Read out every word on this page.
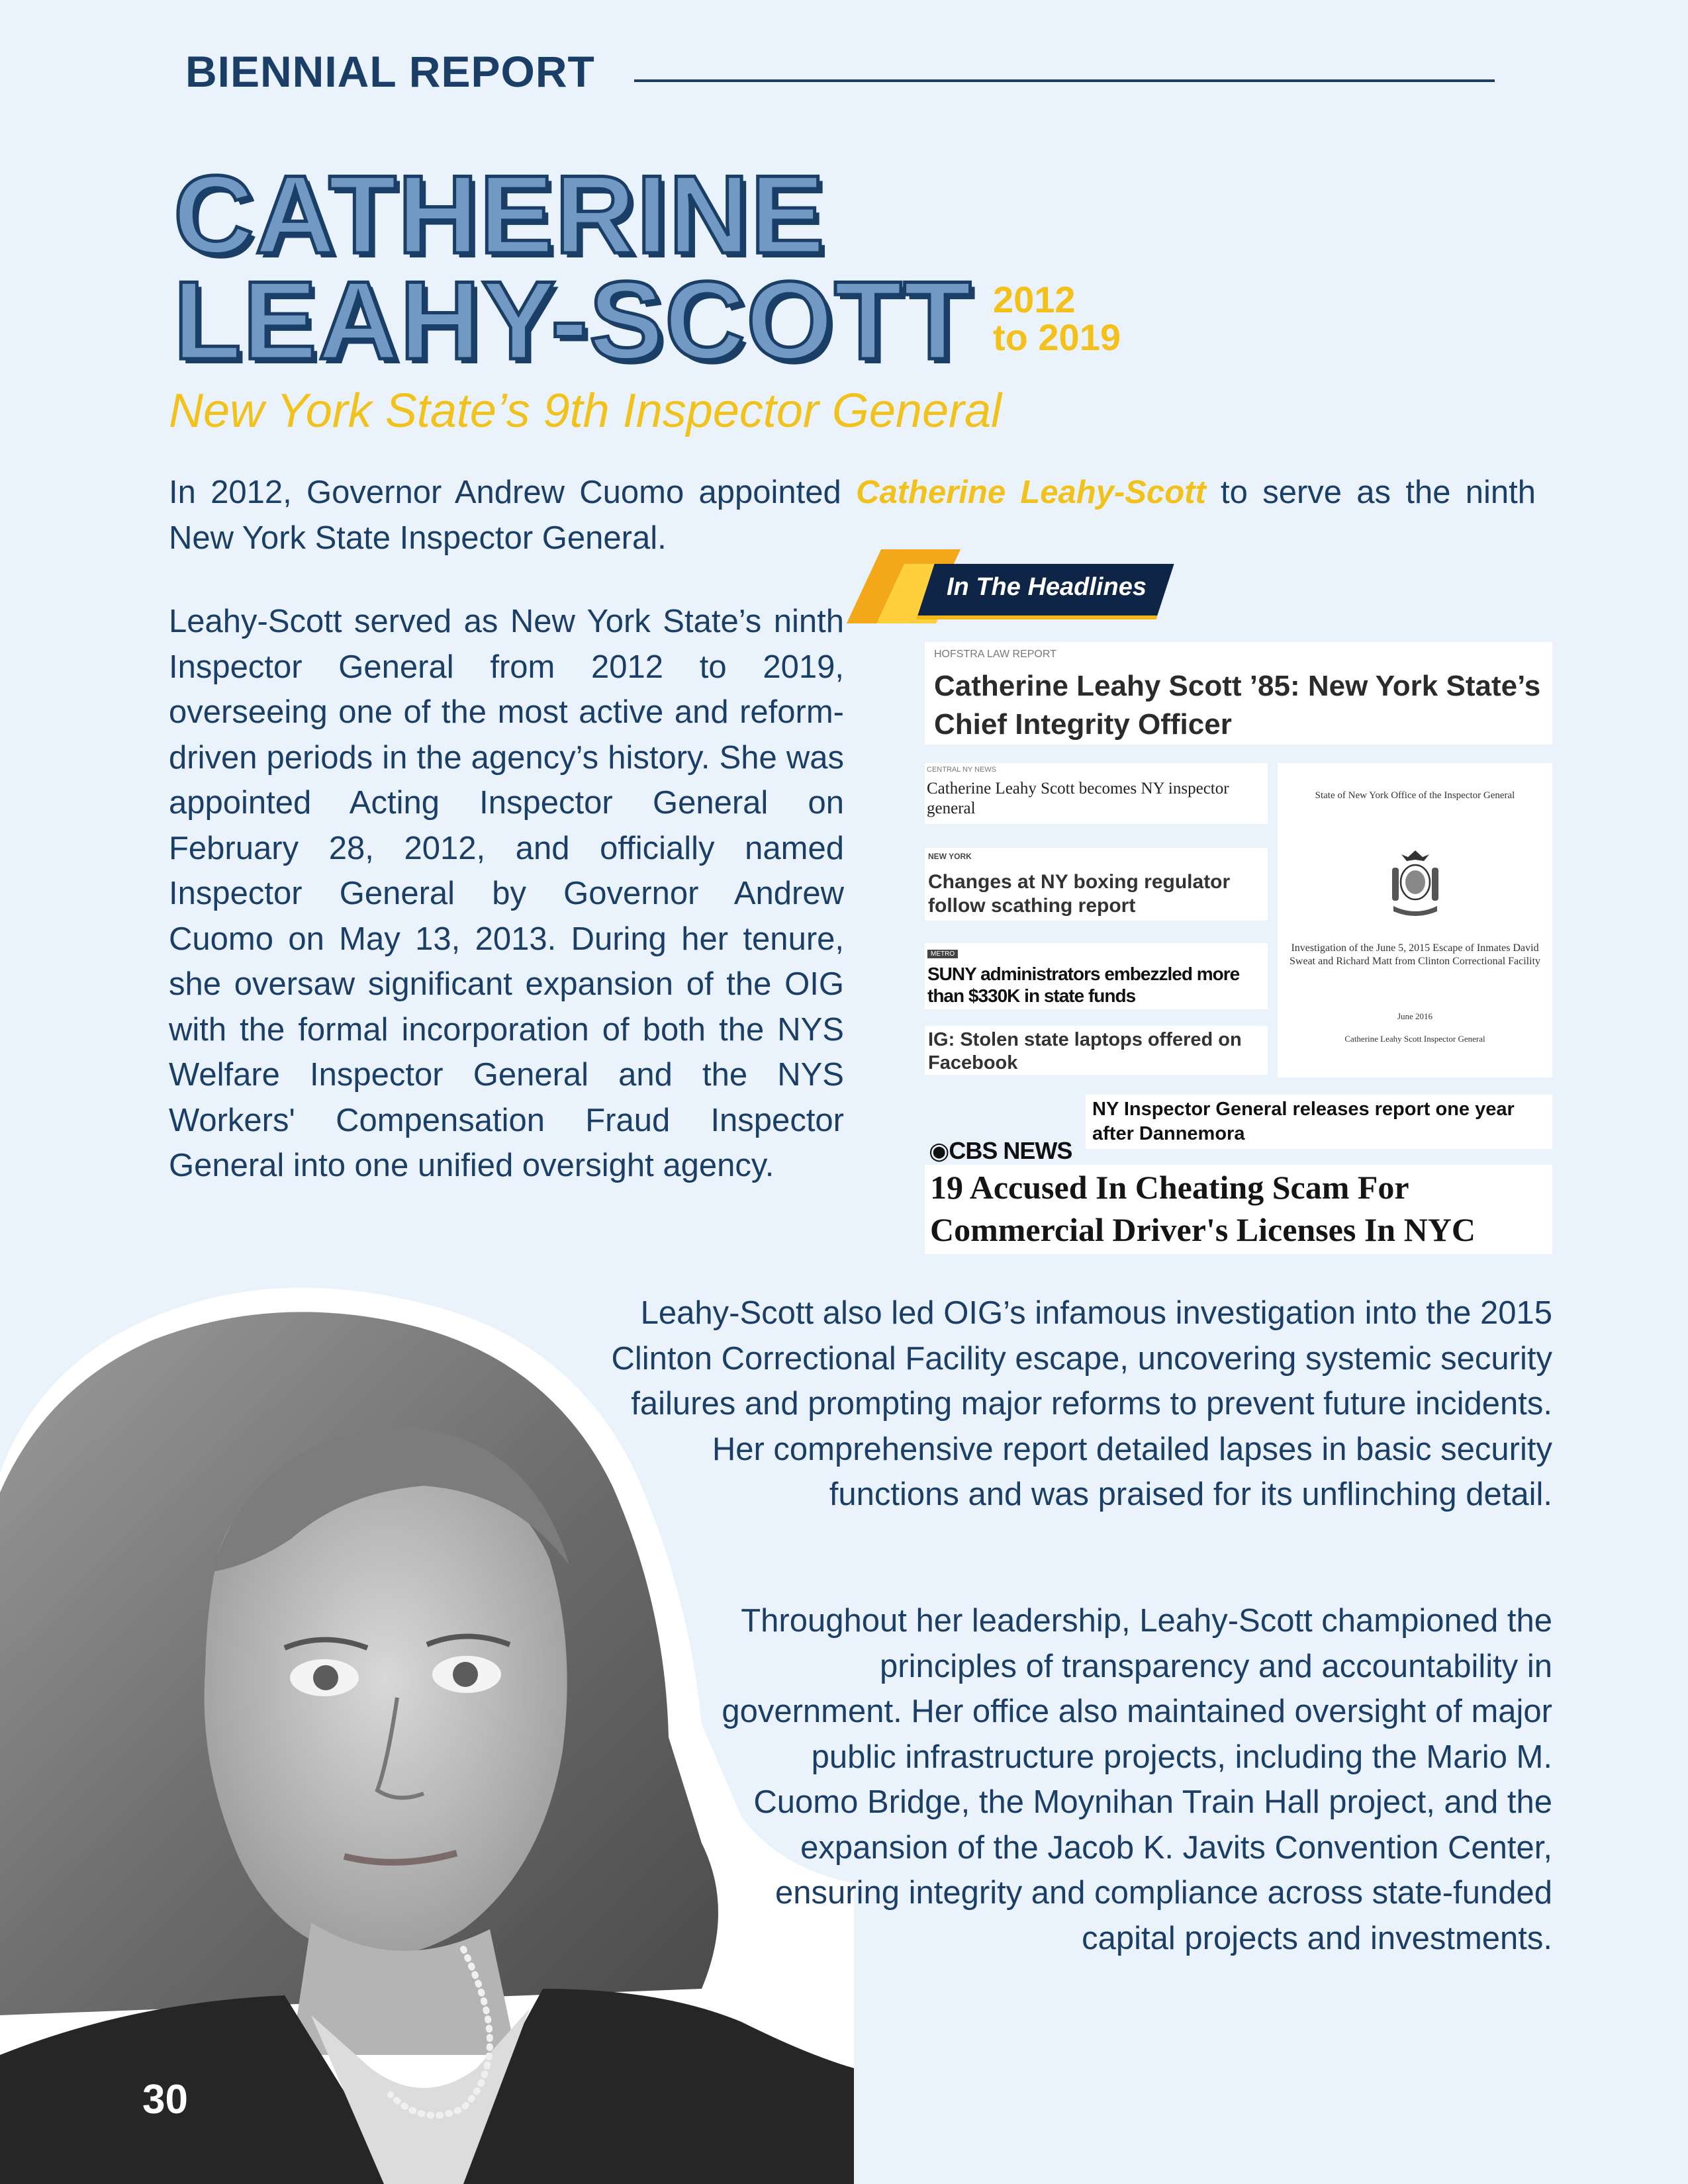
BIENNIAL REPORT
CATHERINE
LEAHY-SCOTT 2012
to 2019
New York State’s 9th Inspector General
In 2012, Governor Andrew Cuomo appointed Catherine Leahy-Scott to serve as the ninth New York State Inspector General.
Leahy-Scott served as New York State’s ninth Inspector General from 2012 to 2019, overseeing one of the most active and reform-driven periods in the agency’s history. She was appointed Acting Inspector General on February 28, 2012, and officially named Inspector General by Governor Andrew Cuomo on May 13, 2013. During her tenure, she oversaw significant expansion of the OIG with the formal incorporation of both the NYS Welfare Inspector General and the NYS Workers' Compensation Fraud Inspector General into one unified oversight agency.
In The Headlines
HOFSTRA LAW REPORT
Catherine Leahy Scott ’85: New York State’s Chief Integrity Officer
CENTRAL NY NEWS
Catherine Leahy Scott becomes NY inspector general
NEW YORK
Changes at NY boxing regulator follow scathing report
METRO
SUNY administrators embezzled more than $330K in state funds
IG: Stolen state laptops offered on Facebook
State of New York Office of the Inspector General
Investigation of the June 5, 2015 Escape of Inmates David Sweat and Richard Matt from Clinton Correctional Facility
June 2016
Catherine Leahy Scott Inspector General
NY Inspector General releases report one year after Dannemora
◉CBS NEWS
19 Accused In Cheating Scam For Commercial Driver's Licenses In NYC
30
Leahy-Scott also led OIG’s infamous investigation into the 2015 Clinton Correctional Facility escape, uncovering systemic security failures and prompting major reforms to prevent future incidents. Her comprehensive report detailed lapses in basic security functions and was praised for its unflinching detail.
Throughout her leadership, Leahy-Scott championed the principles of transparency and accountability in government. Her office also maintained oversight of major public infrastructure projects, including the Mario M. Cuomo Bridge, the Moynihan Train Hall project, and the expansion of the Jacob K. Javits Convention Center, ensuring integrity and compliance across state-funded capital projects and investments.
